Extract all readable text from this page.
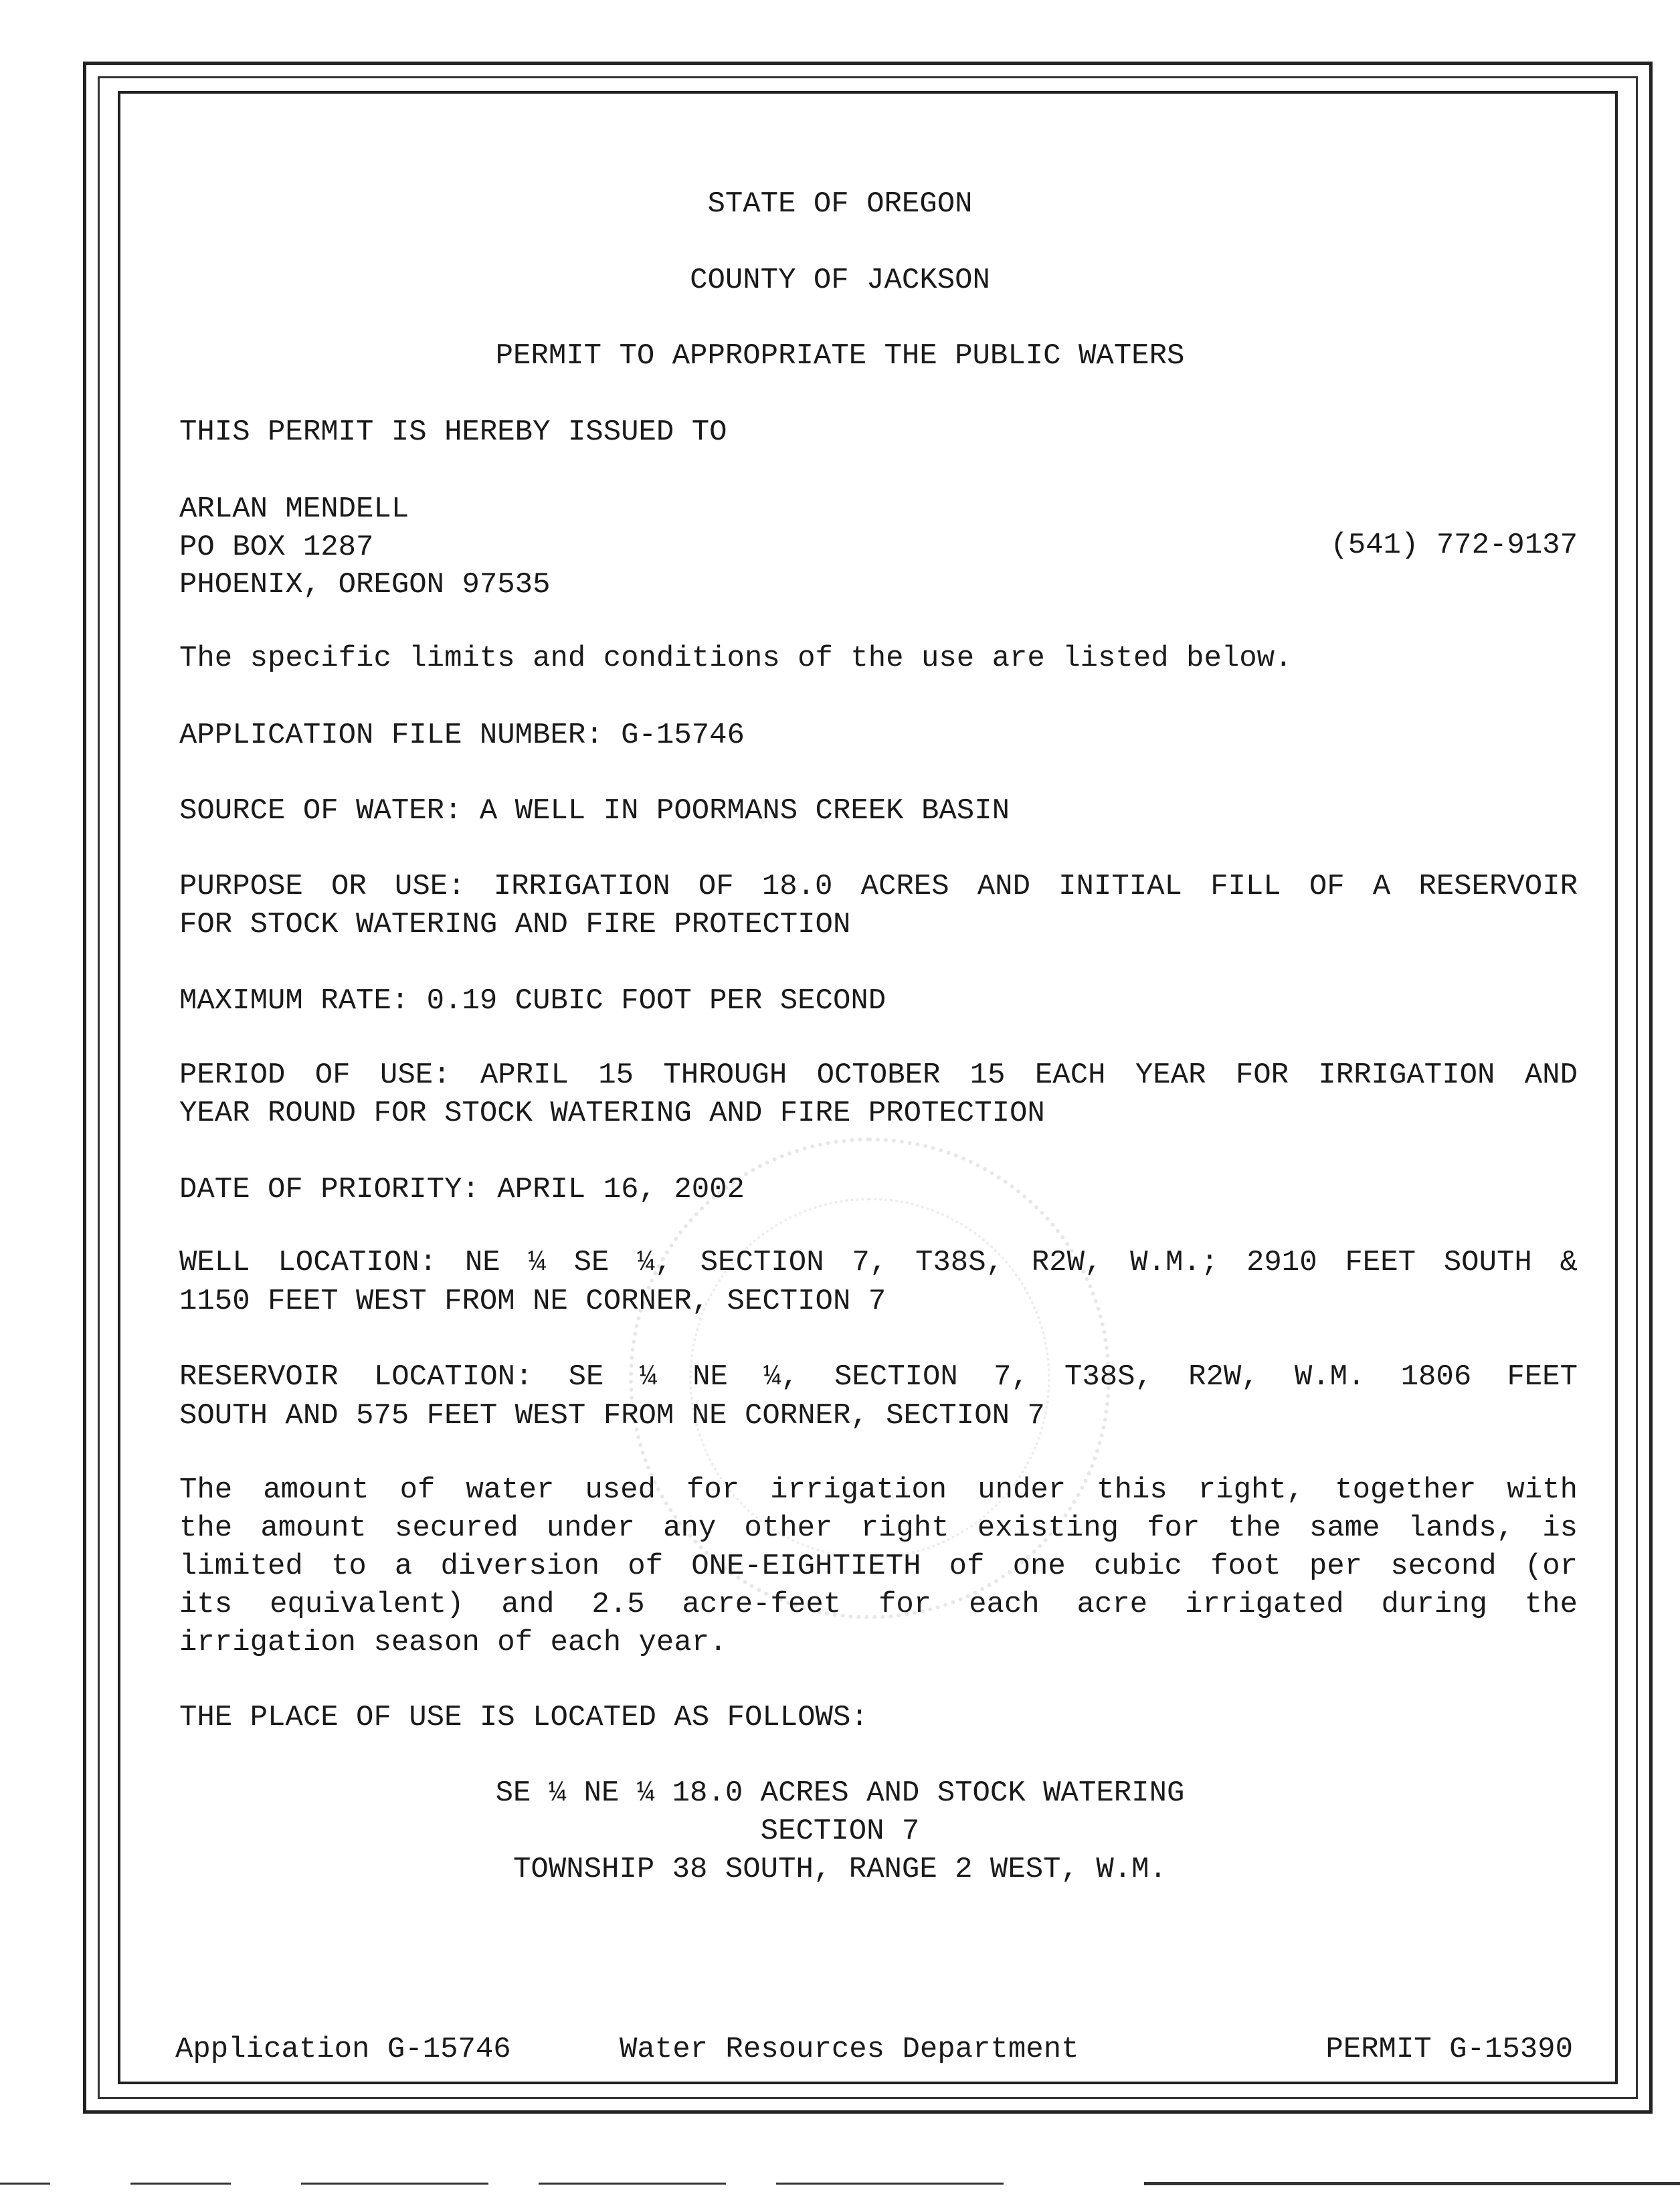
STATE OF OREGON
COUNTY OF JACKSON
PERMIT TO APPROPRIATE THE PUBLIC WATERS
THIS PERMIT IS HEREBY ISSUED TO
ARLAN MENDELL
PO BOX 1287	(541) 772-9137
PHOENIX, OREGON 97535
The specific limits and conditions of the use are listed below.
APPLICATION FILE NUMBER: G-15746
SOURCE OF WATER: A WELL IN POORMANS CREEK BASIN
PURPOSE OR USE: IRRIGATION OF 18.0 ACRES AND INITIAL FILL OF A RESERVOIR
FOR STOCK WATERING AND FIRE PROTECTION
MAXIMUM RATE: 0.19 CUBIC FOOT PER SECOND
PERIOD OF USE: APRIL 15 THROUGH OCTOBER 15 EACH YEAR FOR IRRIGATION AND
YEAR ROUND FOR STOCK WATERING AND FIRE PROTECTION
DATE OF PRIORITY: APRIL 16, 2002
WELL LOCATION: NE ¼ SE ¼, SECTION 7, T38S, R2W, W.M.; 2910 FEET SOUTH &
1150 FEET WEST FROM NE CORNER, SECTION 7
RESERVOIR LOCATION: SE ¼ NE ¼, SECTION 7, T38S, R2W, W.M. 1806 FEET
SOUTH AND 575 FEET WEST FROM NE CORNER, SECTION 7
The amount of water used for irrigation under this right, together with
the amount secured under any other right existing for the same lands, is
limited to a diversion of ONE-EIGHTIETH of one cubic foot per second (or
its equivalent) and 2.5 acre-feet for each acre irrigated during the
irrigation season of each year.
THE PLACE OF USE IS LOCATED AS FOLLOWS:
SE ¼ NE ¼ 18.0 ACRES AND STOCK WATERING
SECTION 7
TOWNSHIP 38 SOUTH, RANGE 2 WEST, W.M.
Application G-15746	Water Resources Department	PERMIT G-15390
